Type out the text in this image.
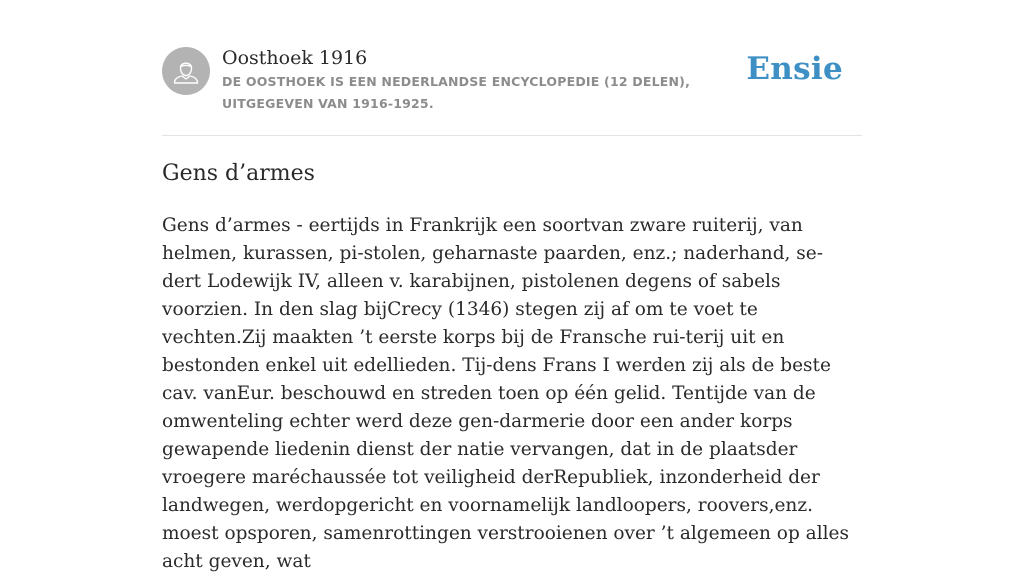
Oosthoek 1916
DE OOSTHOEK IS EEN NEDERLANDSE ENCYCLOPEDIE (12 DELEN), UITGEGEVEN VAN 1916-1925.
Ensie
Gens d’armes

Gens d’armes - eertijds in Frankrijk een soortvan zware ruiterij, van helmen, kurassen, pi-stolen, geharnaste paarden, enz.; naderhand, se-dert Lodewijk IV, alleen v. karabijnen, pistolenen degens of sabels voorzien. In den slag bijCrecy (1346) stegen zij af om te voet te vechten.Zij maakten ’t eerste korps bij de Fransche rui-terij uit en bestonden enkel uit edellieden. Tij-dens Frans I werden zij als de beste cav. vanEur. beschouwd en streden toen op één gelid. Tentijde van de omwenteling echter werd deze gen-darmerie door een ander korps gewapende liedenin dienst der natie vervangen, dat in de plaatsder vroegere maréchaussée tot veiligheid derRepubliek, inzonderheid der landwegen, werdopgericht en voornamelijk landloopers, roovers,enz. moest opsporen, samenrottingen verstrooienen over ’t algemeen op alles acht geven, wat
